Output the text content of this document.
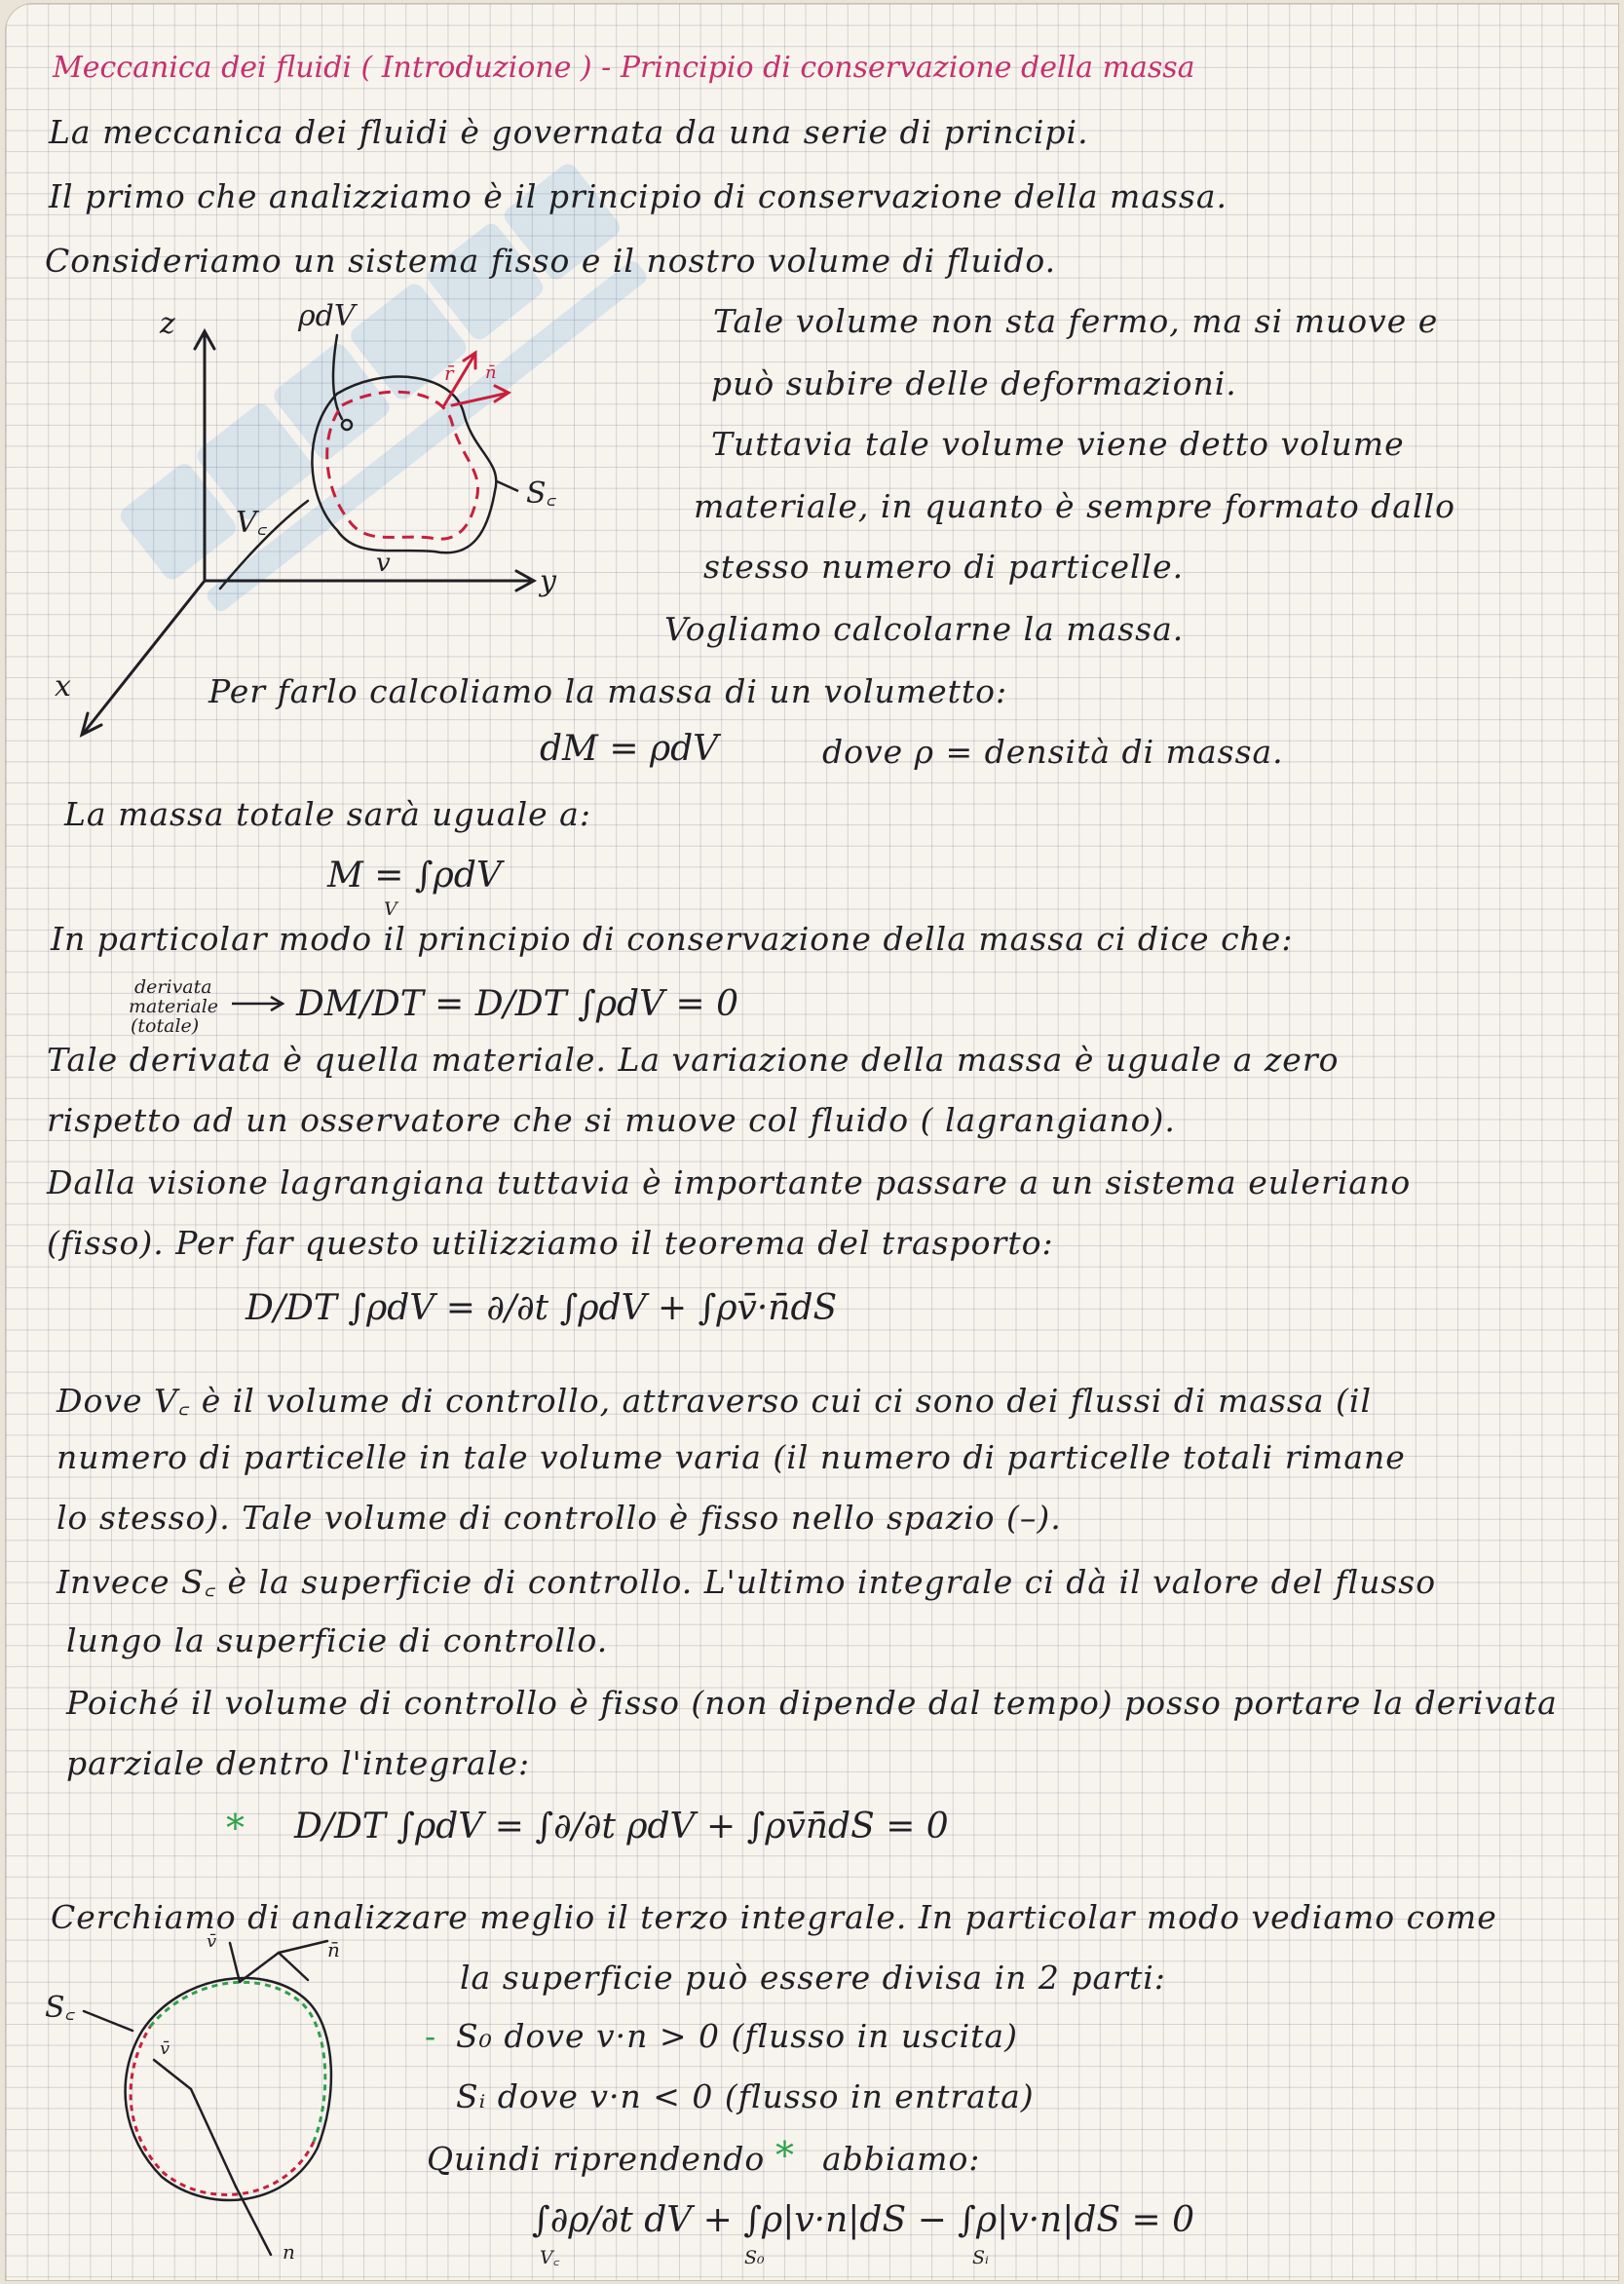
Meccanica dei fluidi ( Introduzione ) - Principio di conservazione della massa
La meccanica dei fluidi è governata da una serie di principi.
Il primo che analizziamo è il principio di conservazione della massa.
Consideriamo un sistema fisso e il nostro volume di fluido.
z
y
x
ρdV
V꜀
S꜀
v
r̄ n̄
Tale volume non sta fermo, ma si muove e
può subire delle deformazioni.
Tuttavia tale volume viene detto volume
materiale, in quanto è sempre formato dallo
stesso numero di particelle.
Vogliamo calcolarne la massa.
Per farlo calcoliamo la massa di un volumetto:
dM = ρdV	dove ρ = densità di massa.
La massa totale sarà uguale a:
M = ∫ρdV
V
In particolar modo il principio di conservazione della massa ci dice che:
derivata
materiale
(totale)
DM/DT = D/DT ∫ρdV = 0
Tale derivata è quella materiale. La variazione della massa è uguale a zero
rispetto ad un osservatore che si muove col fluido ( lagrangiano).
Dalla visione lagrangiana tuttavia è importante passare a un sistema euleriano
(fisso). Per far questo utilizziamo il teorema del trasporto:
D/DT ∫ρdV = ∂/∂t ∫ρdV + ∫ρv̄·n̄dS
Dove V꜀ è il volume di controllo, attraverso cui ci sono dei flussi di massa (il
numero di particelle in tale volume varia (il numero di particelle totali rimane
lo stesso). Tale volume di controllo è fisso nello spazio (–).
Invece S꜀ è la superficie di controllo. L'ultimo integrale ci dà il valore del flusso
lungo la superficie di controllo.
Poiché il volume di controllo è fisso (non dipende dal tempo) posso portare la derivata
parziale dentro l'integrale:
* D/DT ∫ρdV = ∫∂/∂t ρdV + ∫ρv̄n̄dS = 0
Cerchiamo di analizzare meglio il terzo integrale. In particolar modo vediamo come
S꜀
v̄	n̄
v̄
n
la superficie può essere divisa in 2 parti:
- S₀ dove v·n > 0 (flusso in uscita)
Sᵢ dove v·n < 0 (flusso in entrata)
Quindi riprendendo * abbiamo:
∫∂ρ/∂t dV + ∫ρ|v·n|dS − ∫ρ|v·n|dS = 0
V꜀	S₀	Sᵢ
